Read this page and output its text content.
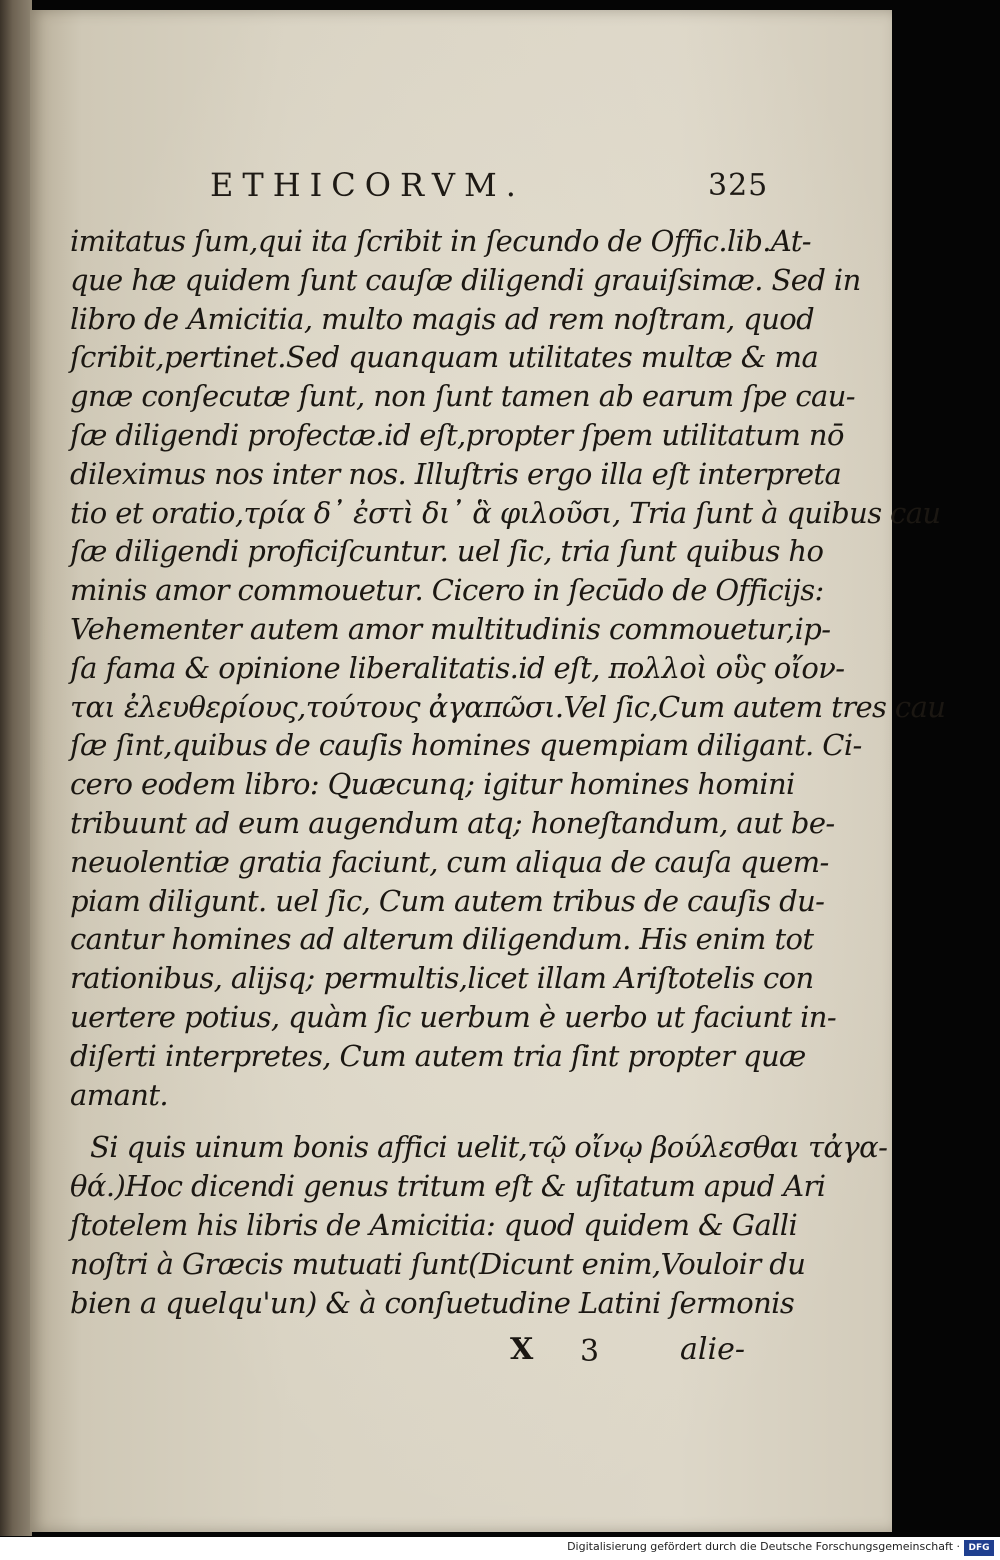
ETHICORVM.	325
imitatus ſum,qui ita ſcribit in ſecundo de Offic.lib.At-
que hæ quidem ſunt cauſæ diligendi grauiſsimæ. Sed in
libro de Amicitia, multo magis ad rem noſtram, quod
ſcribit,pertinet.Sed quanquam utilitates multæ & ma
gnæ conſecutæ ſunt, non ſunt tamen ab earum ſpe cau-
ſæ diligendi profectæ.id eſt,propter ſpem utilitatum nō
dileximus nos inter nos. Illuſtris ergo illa eſt interpreta
tio et oratio,τρία δ᾽ ἐστὶ δι᾽ ἃ φιλοῦσι, Tria ſunt à quibus cau
ſæ diligendi proficiſcuntur. uel ſic, tria ſunt quibus ho
minis amor commouetur. Cicero in ſecūdo de Officijs:
Vehementer autem amor multitudinis commouetur,ip-
ſa fama & opinione liberalitatis.id eſt, πολλοὶ οὓς οἴον-
ται ἐλευθερίους,τούτους ἀγαπῶσι.Vel ſic,Cum autem tres cau
ſæ ſint,quibus de cauſis homines quempiam diligant. Ci-
cero eodem libro: Quæcunq; igitur homines homini
tribuunt ad eum augendum atq; honeſtandum, aut be-
neuolentiæ gratia faciunt, cum aliqua de cauſa quem-
piam diligunt. uel ſic, Cum autem tribus de cauſis du-
cantur homines ad alterum diligendum. His enim tot
rationibus, alijsq; permultis,licet illam Ariſtotelis con
uertere potius, quàm ſic uerbum è uerbo ut faciunt in-
diſerti interpretes, Cum autem tria ſint propter quæ
amant.
Si quis uinum bonis affici uelit,τῷ οἴνῳ βούλεσθαι τἀγα-
θά.)Hoc dicendi genus tritum eſt & uſitatum apud Ari
ſtotelem his libris de Amicitia: quod quidem & Galli
noſtri à Græcis mutuati ſunt(Dicunt enim,Vouloir du
bien a quelqu'un) & à conſuetudine Latini ſermonis
X 3	alie-
Digitalisierung gefördert durch die Deutsche Forschungsgemeinschaft · DFG
